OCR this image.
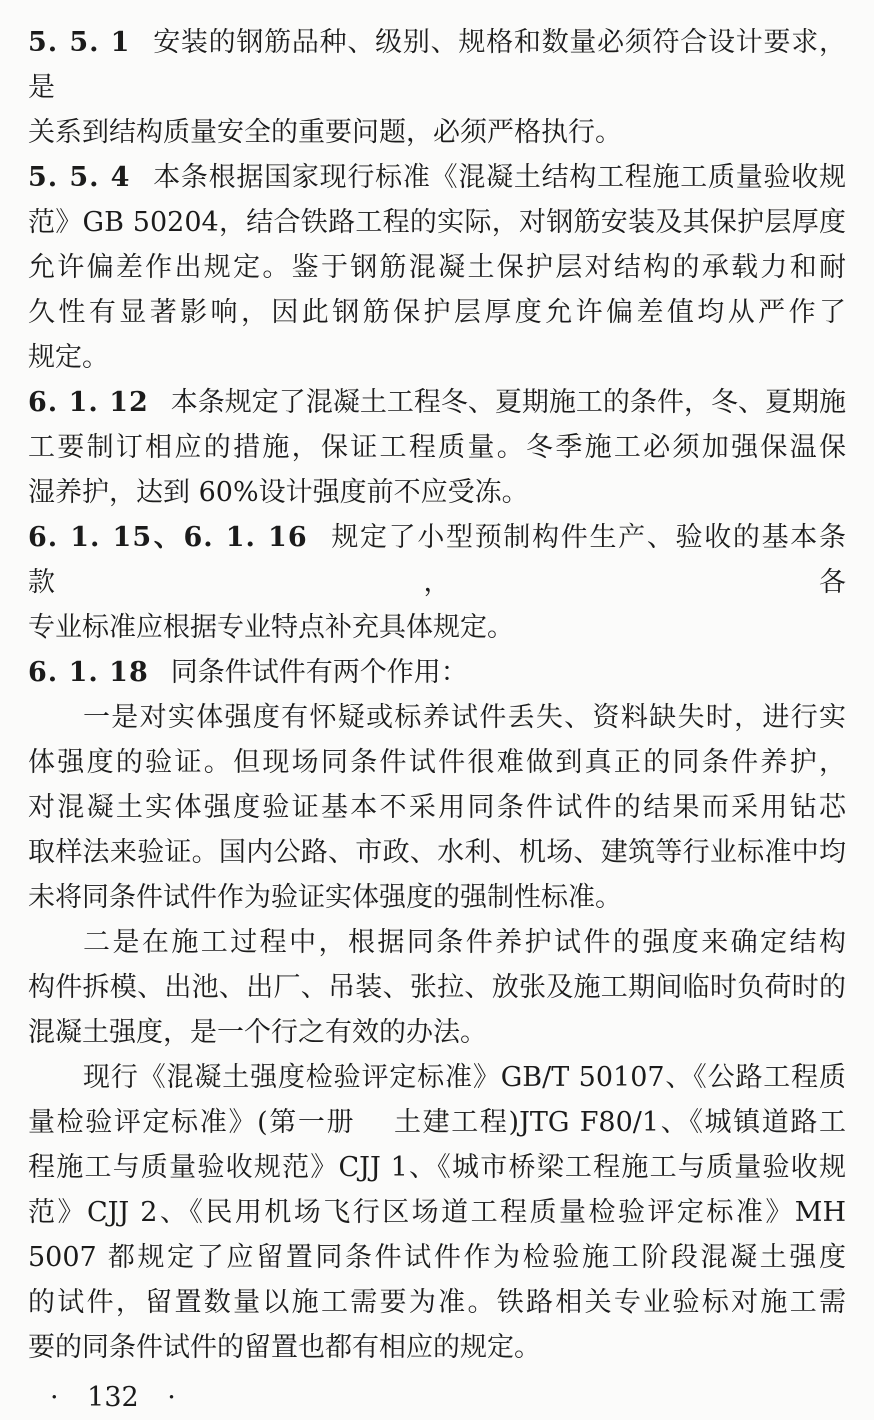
5. 5. 1 安装的钢筋品种、级别、规格和数量必须符合设计要求，是
关系到结构质量安全的重要问题，必须严格执行。
5. 5. 4 本条根据国家现行标准《混凝土结构工程施工质量验收规
范》GB 50204，结合铁路工程的实际，对钢筋安装及其保护层厚度
允许偏差作出规定。鉴于钢筋混凝土保护层对结构的承载力和耐
久性有显著影响，因此钢筋保护层厚度允许偏差值均从严作了
规定。
6. 1. 12 本条规定了混凝土工程冬、夏期施工的条件，冬、夏期施
工要制订相应的措施，保证工程质量。冬季施工必须加强保温保
湿养护，达到 60%设计强度前不应受冻。
6. 1. 15、6. 1. 16 规定了小型预制构件生产、验收的基本条款，各
专业标准应根据专业特点补充具体规定。
6. 1. 18 同条件试件有两个作用：
一是对实体强度有怀疑或标养试件丢失、资料缺失时，进行实
体强度的验证。但现场同条件试件很难做到真正的同条件养护，
对混凝土实体强度验证基本不采用同条件试件的结果而采用钻芯
取样法来验证。国内公路、市政、水利、机场、建筑等行业标准中均
未将同条件试件作为验证实体强度的强制性标准。
二是在施工过程中，根据同条件养护试件的强度来确定结构
构件拆模、出池、出厂、吊装、张拉、放张及施工期间临时负荷时的
混凝土强度，是一个行之有效的办法。
现行《混凝土强度检验评定标准》GB/T 50107、《公路工程质
量检验评定标准》(第一册　 土建工程)JTG F80/1、《城镇道路工
程施工与质量验收规范》CJJ 1、《城市桥梁工程施工与质量验收规
范》CJJ 2、《民用机场飞行区场道工程质量检验评定标准》MH
5007 都规定了应留置同条件试件作为检验施工阶段混凝土强度
的试件，留置数量以施工需要为准。铁路相关专业验标对施工需
要的同条件试件的留置也都有相应的规定。
· 132 ·
